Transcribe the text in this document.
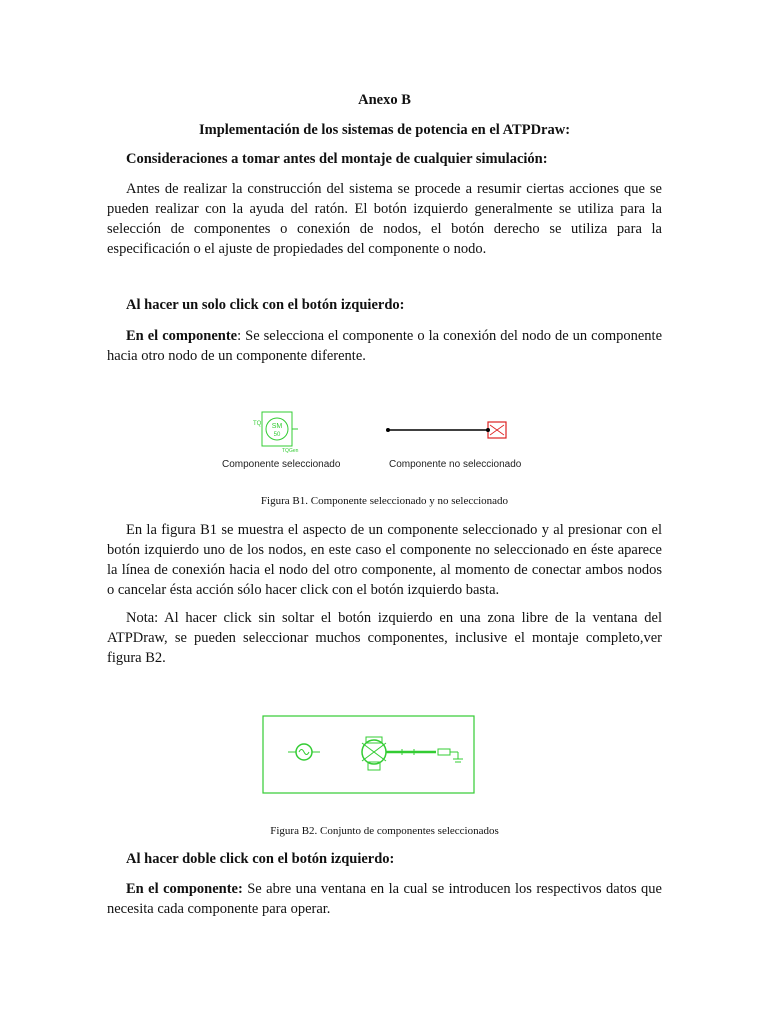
Anexo B
Implementación de los sistemas de potencia en el ATPDraw:
Consideraciones a tomar antes del montaje de cualquier simulación:
Antes de realizar la construcción del sistema se procede a resumir ciertas acciones que se pueden realizar con la ayuda del ratón. El botón izquierdo generalmente se utiliza para la selección de componentes o conexión de nodos, el botón derecho se utiliza para la especificación o el ajuste de propiedades del componente o nodo.
Al hacer un solo click con el botón izquierdo:
En el componente: Se selecciona el componente o la conexión del nodo de un componente hacia otro nodo de un componente diferente.
SM
50
TQ
TQGen
Componente seleccionado	Componente no seleccionado
Figura B1. Componente seleccionado y no seleccionado
En la figura B1 se muestra el aspecto de un componente seleccionado y al presionar con el botón izquierdo uno de los nodos, en este caso el componente no seleccionado en éste aparece la línea de conexión hacia el nodo del otro componente, al momento de conectar ambos nodos o cancelar ésta acción sólo hacer click con el botón izquierdo basta.
Nota: Al hacer click sin soltar el botón izquierdo en una zona libre de la ventana del ATPDraw, se pueden seleccionar muchos componentes, inclusive el montaje completo,ver figura B2.
Figura B2. Conjunto de componentes seleccionados
Al hacer doble click con el botón izquierdo:
En el componente: Se abre una ventana en la cual se introducen los respectivos datos que necesita cada componente para operar.
